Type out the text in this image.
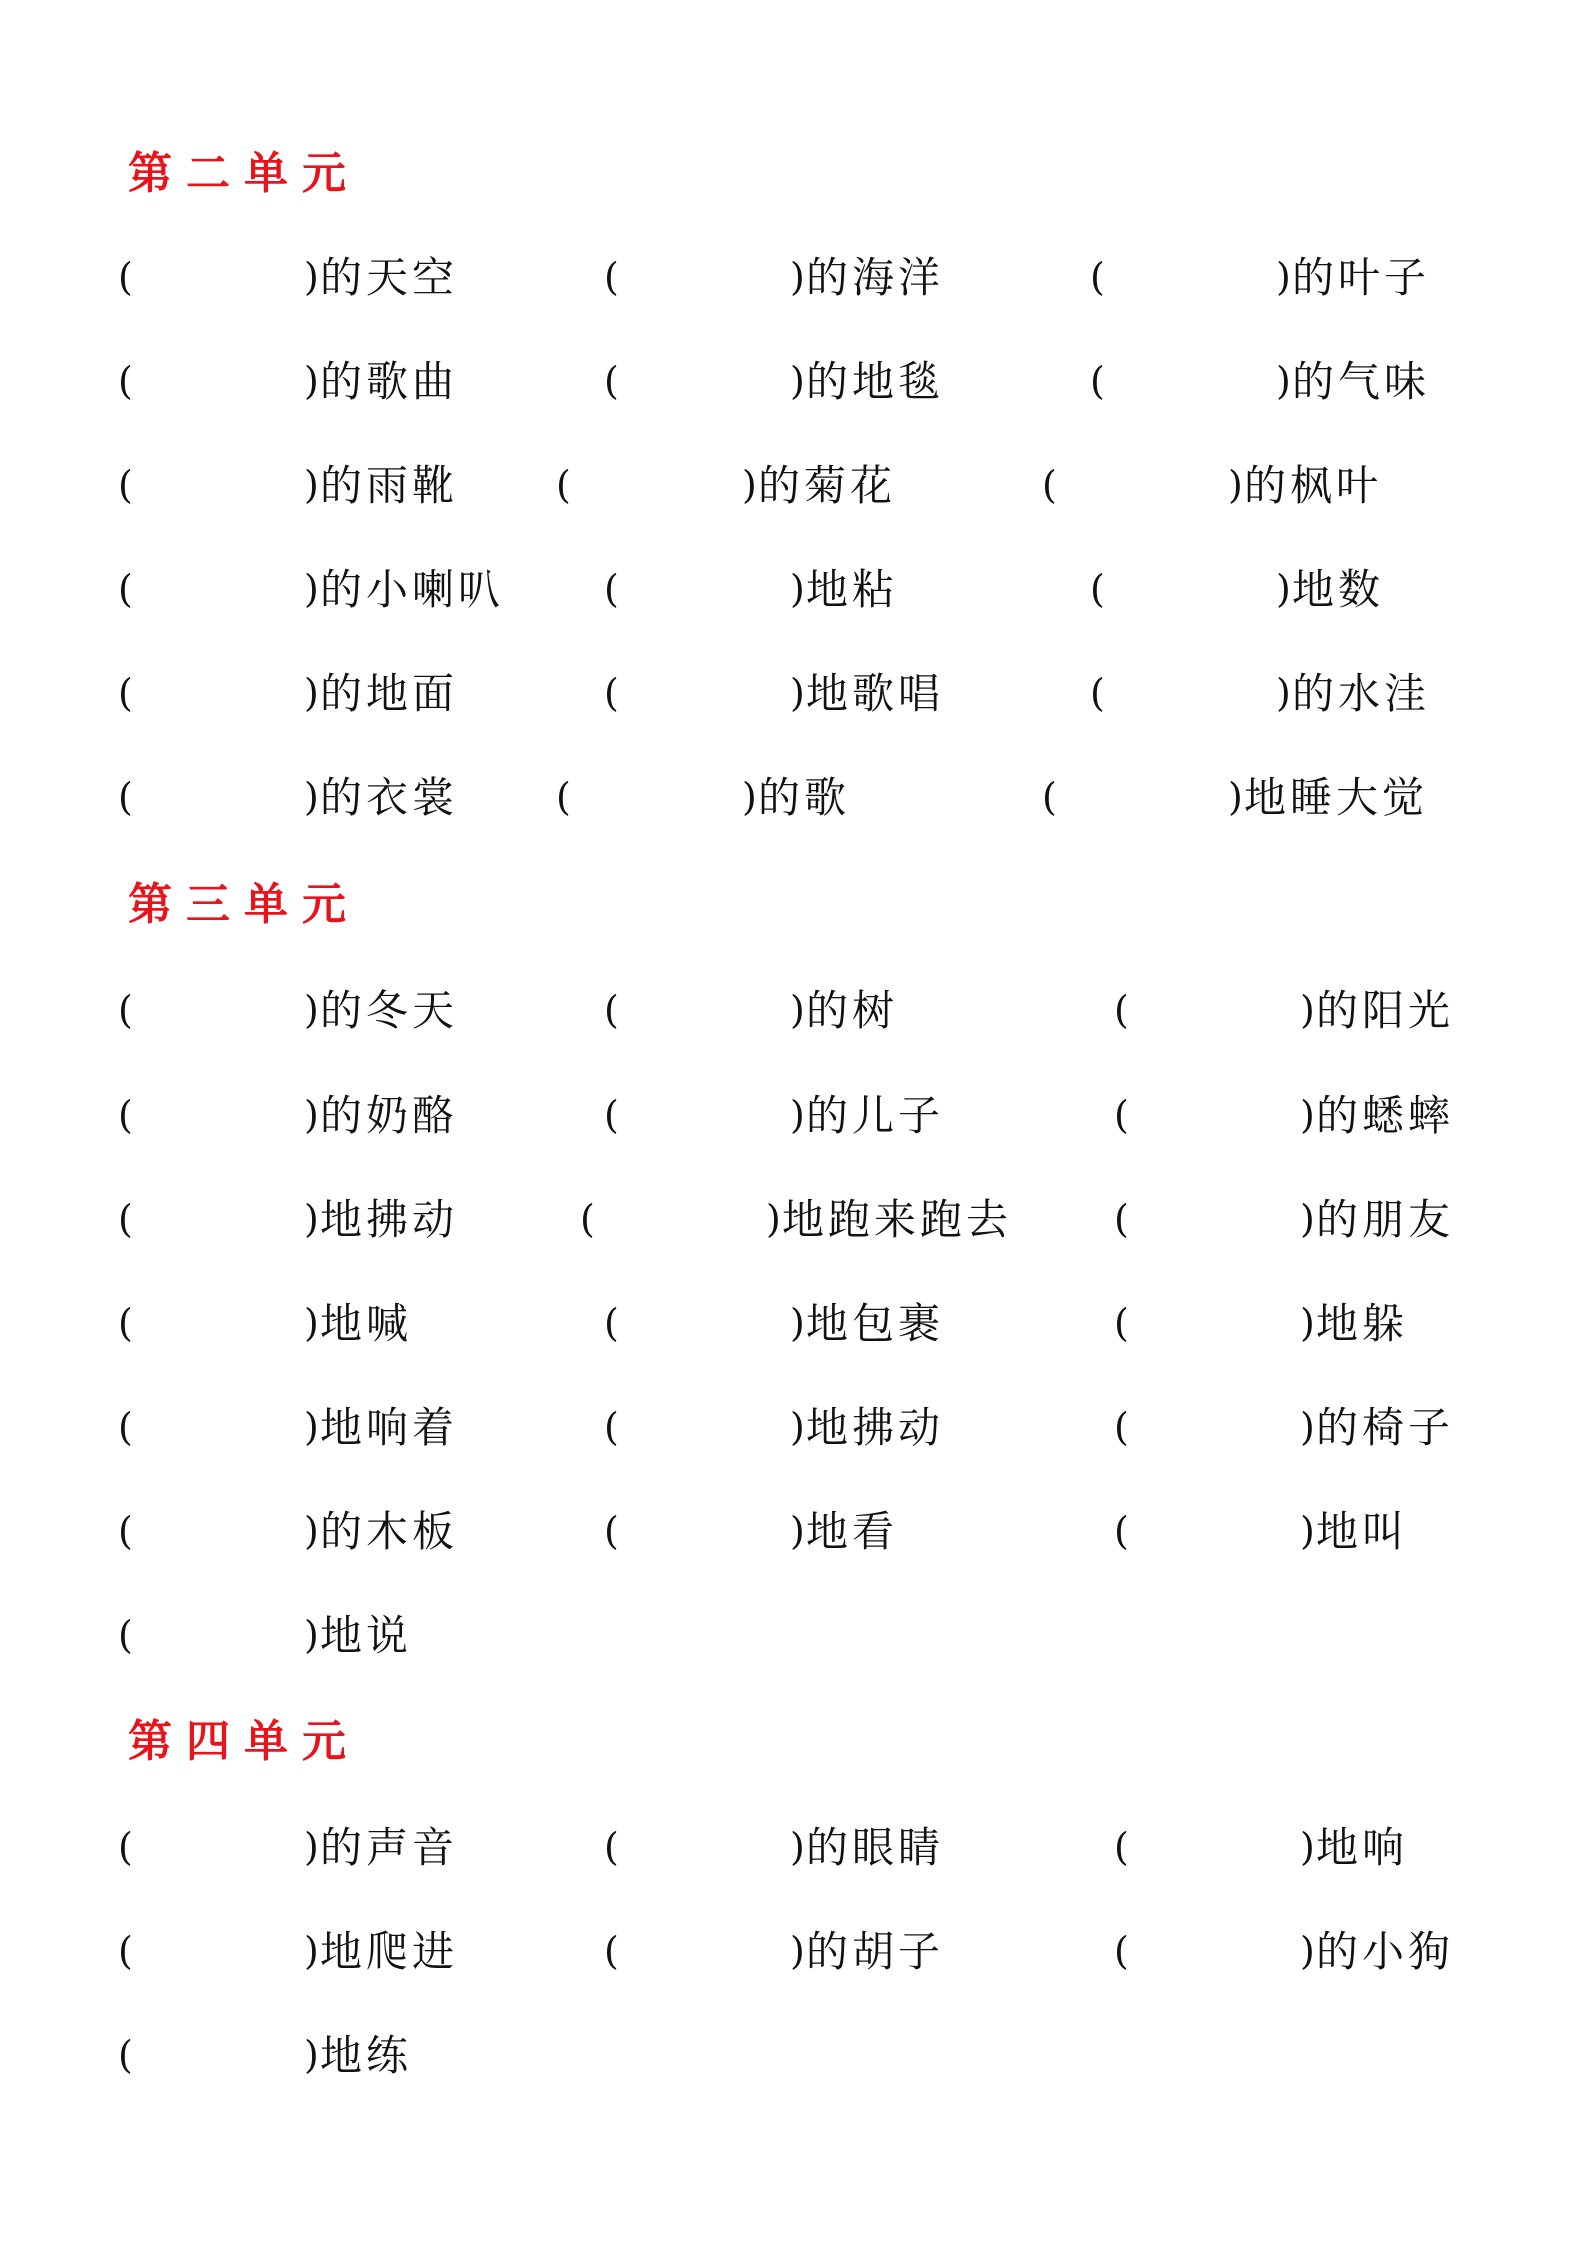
第二单元
(	) 的天空	(	) 的海洋	(	) 的叶子
(	) 的歌曲	(	) 的地毯	(	) 的气味
(	) 的雨靴	(	) 的菊花	(	) 的枫叶
(	) 的小喇叭	(	) 地粘	(	) 地数
(	) 的地面	(	) 地歌唱	(	) 的水洼
(	) 的衣裳	(	) 的歌	(	) 地睡大觉
第三单元
(	) 的冬天	(	) 的树	(	) 的阳光
(	) 的奶酪	(	) 的儿子	(	) 的蟋蟀
(	) 地拂动	(	) 地跑来跑去	(	) 的朋友
(	) 地喊	(	) 地包裹	(	) 地躲
(	) 地响着	(	) 地拂动	(	) 的椅子
(	) 的木板	(	) 地看	(	) 地叫
(	) 地说
第四单元
(	) 的声音	(	) 的眼睛	(	) 地响
(	) 地爬进	(	) 的胡子	(	) 的小狗
(	) 地练
